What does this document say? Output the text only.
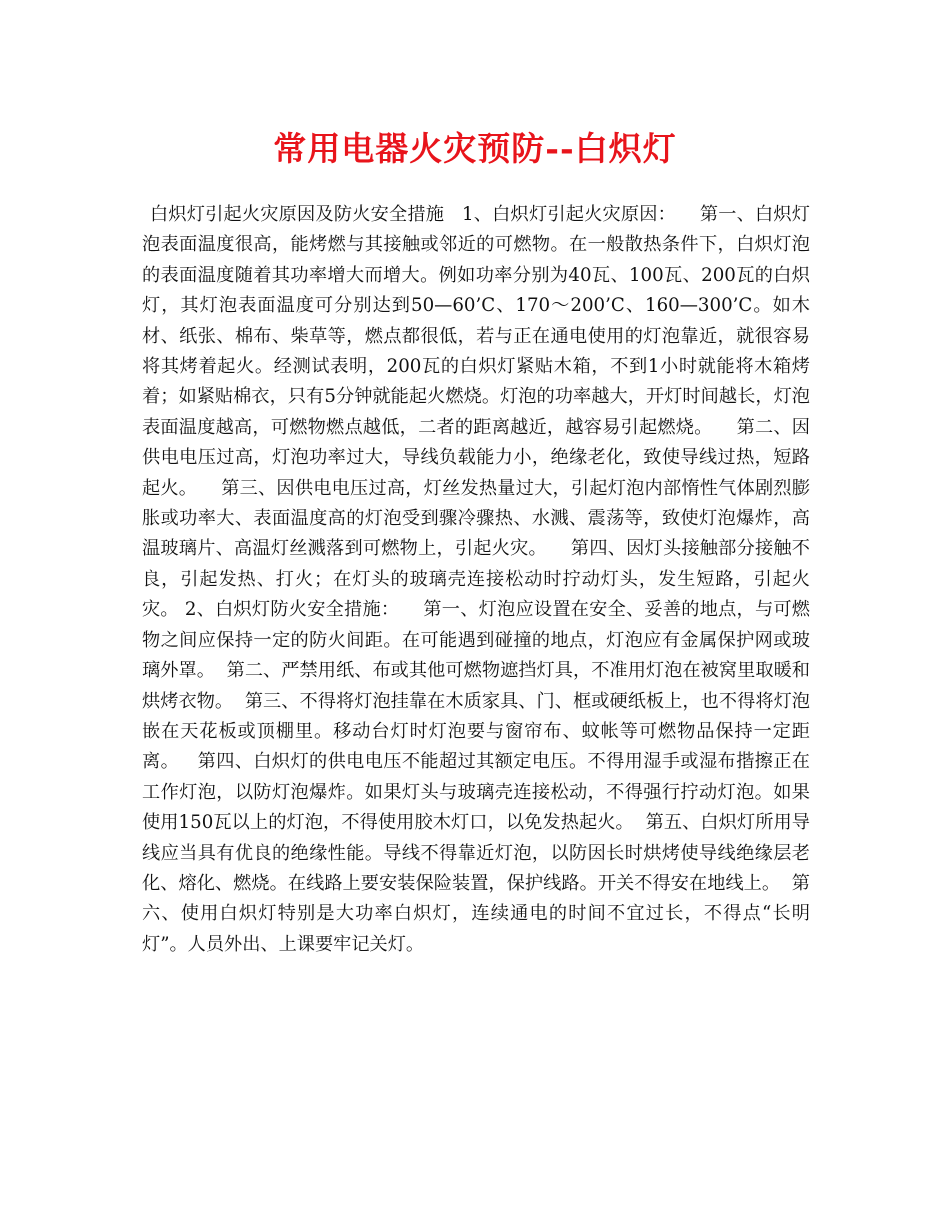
常用电器火灾预防--白炽灯
白炽灯引起火灾原因及防火安全措施   1、白炽灯引起火灾原因：    第一、白炽灯泡表面温度很高，能烤燃与其接触或邻近的可燃物。在一般散热条件下，白炽灯泡的表面温度随着其功率增大而增大。例如功率分别为40瓦、100瓦、200瓦的白炽灯，其灯泡表面温度可分别达到50—60’C、170～200’C、160—300’C。如木材、纸张、棉布、柴草等，燃点都很低，若与正在通电使用的灯泡靠近，就很容易将其烤着起火。经测试表明，200瓦的白炽灯紧贴木箱，不到1小时就能将木箱烤着；如紧贴棉衣，只有5分钟就能起火燃烧。灯泡的功率越大，开灯时间越长，灯泡表面温度越高，可燃物燃点越低，二者的距离越近，越容易引起燃烧。    第二、因供电电压过高，灯泡功率过大，导线负载能力小，绝缘老化，致使导线过热，短路起火。    第三、因供电电压过高，灯丝发热量过大，引起灯泡内部惰性气体剧烈膨胀或功率大、表面温度高的灯泡受到骤冷骤热、水溅、震荡等，致使灯泡爆炸，高温玻璃片、高温灯丝溅落到可燃物上，引起火灾。    第四、因灯头接触部分接触不良，引起发热、打火；在灯头的玻璃壳连接松动时拧动灯头，发生短路，引起火灾。 2、白炽灯防火安全措施：    第一、灯泡应设置在安全、妥善的地点，与可燃物之间应保持一定的防火间距。在可能遇到碰撞的地点，灯泡应有金属保护网或玻璃外罩。  第二、严禁用纸、布或其他可燃物遮挡灯具，不准用灯泡在被窝里取暖和烘烤衣物。  第三、不得将灯泡挂靠在木质家具、门、框或硬纸板上，也不得将灯泡嵌在天花板或顶棚里。移动台灯时灯泡要与窗帘布、蚊帐等可燃物品保持一定距离。   第四、白炽灯的供电电压不能超过其额定电压。不得用湿手或湿布揩擦正在工作灯泡，以防灯泡爆炸。如果灯头与玻璃壳连接松动，不得强行拧动灯泡。如果使用150瓦以上的灯泡，不得使用胶木灯口，以免发热起火。  第五、白炽灯所用导线应当具有优良的绝缘性能。导线不得靠近灯泡，以防因长时烘烤使导线绝缘层老化、熔化、燃烧。在线路上要安装保险装置，保护线路。开关不得安在地线上。  第六、使用白炽灯特别是大功率白炽灯，连续通电的时间不宜过长，不得点“长明灯”。人员外出、上课要牢记关灯。
